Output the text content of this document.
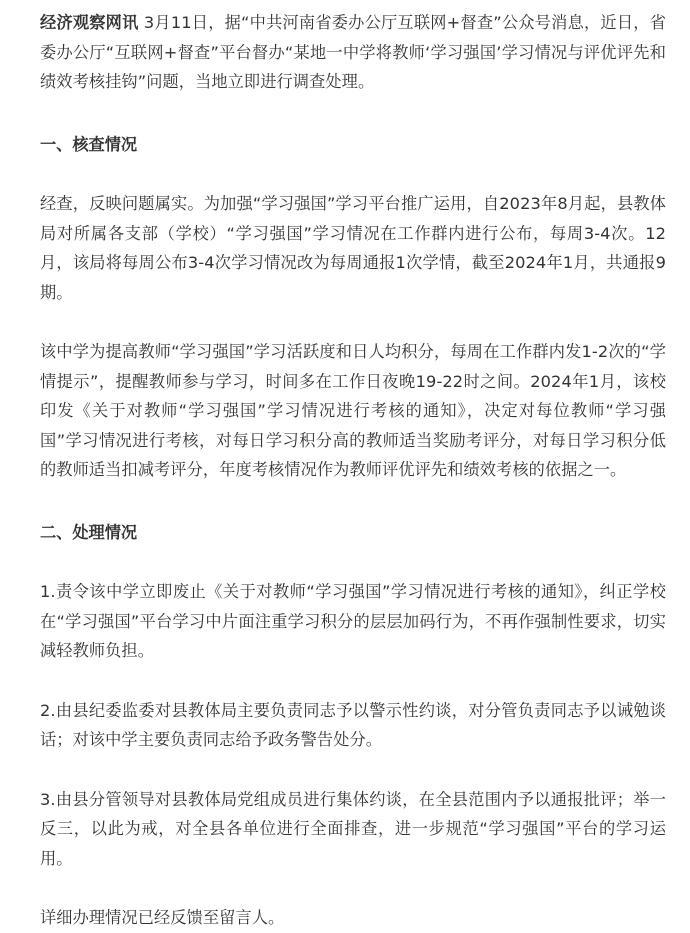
经济观察网讯 3月11日，据“中共河南省委办公厅互联网+督查”公众号消息，近日，省委办公厅“互联网+督查”平台督办“某地一中学将教师‘学习强国’学习情况与评优评先和绩效考核挂钩”问题，当地立即进行调查处理。

一、核查情况

经查，反映问题属实。为加强“学习强国”学习平台推广运用，自2023年8月起，县教体局对所属各支部（学校）“学习强国”学习情况在工作群内进行公布，每周3-4次。12月，该局将每周公布3-4次学习情况改为每周通报1次学情，截至2024年1月，共通报9期。

该中学为提高教师“学习强国”学习活跃度和日人均积分，每周在工作群内发1-2次的“学情提示”，提醒教师参与学习，时间多在工作日夜晚19-22时之间。2024年1月，该校印发《关于对教师“学习强国”学习情况进行考核的通知》，决定对每位教师“学习强国”学习情况进行考核，对每日学习积分高的教师适当奖励考评分，对每日学习积分低的教师适当扣减考评分，年度考核情况作为教师评优评先和绩效考核的依据之一。

二、处理情况

1.责令该中学立即废止《关于对教师“学习强国”学习情况进行考核的通知》，纠正学校在“学习强国”平台学习中片面注重学习积分的层层加码行为，不再作强制性要求，切实减轻教师负担。

2.由县纪委监委对县教体局主要负责同志予以警示性约谈，对分管负责同志予以诫勉谈话；对该中学主要负责同志给予政务警告处分。

3.由县分管领导对县教体局党组成员进行集体约谈，在全县范围内予以通报批评；举一反三，以此为戒，对全县各单位进行全面排查，进一步规范“学习强国”平台的学习运用。

详细办理情况已经反馈至留言人。
